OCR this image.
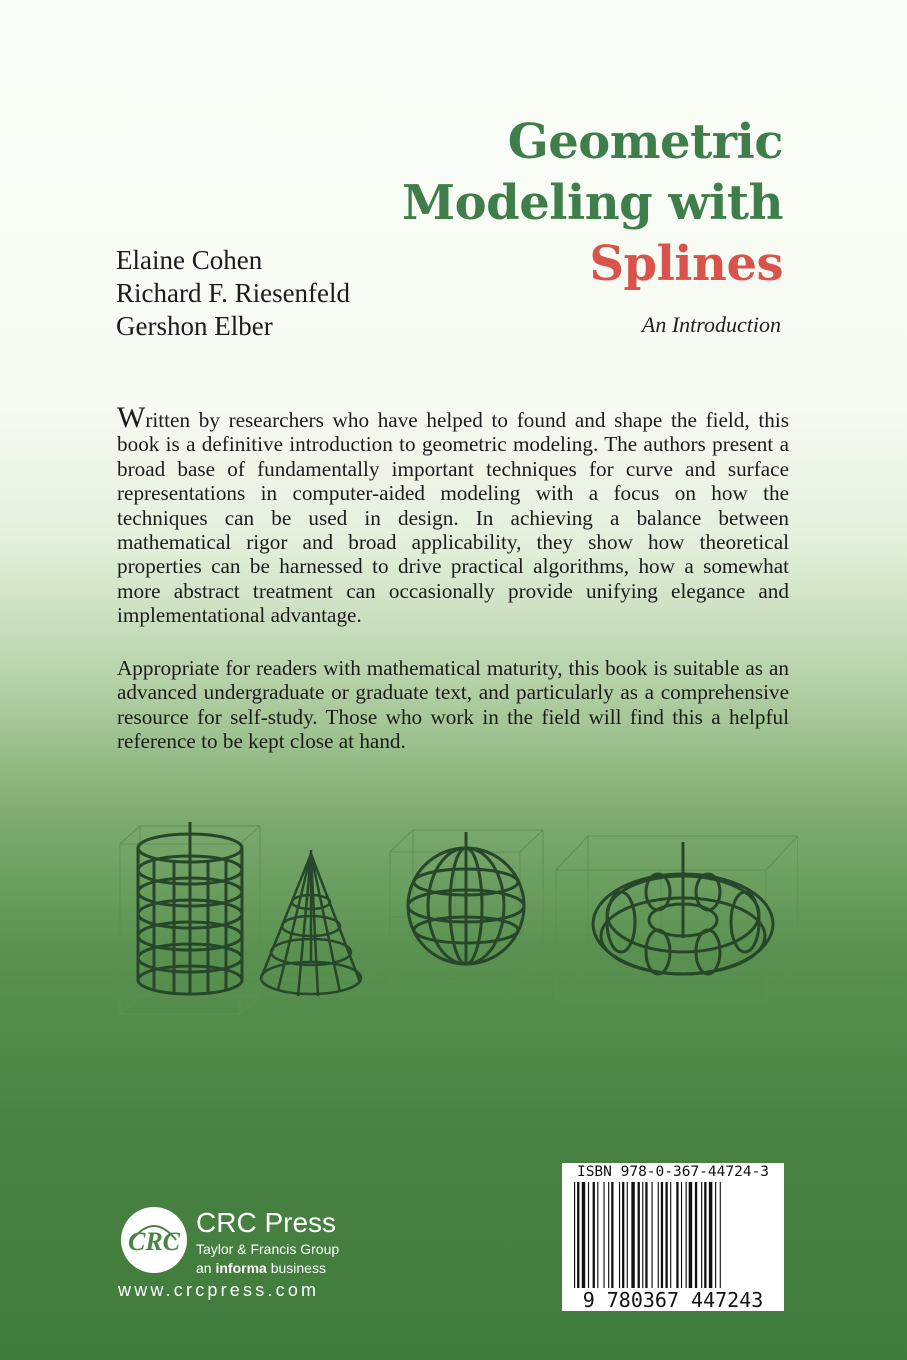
Geometric
Modeling with
Splines
An Introduction
Elaine Cohen
Richard F. Riesenfeld
Gershon Elber

Written by researchers who have helped to found and shape the field, this book is a definitive introduction to geometric modeling. The authors present a broad base of fundamentally important techniques for curve and surface representations in computer-aided modeling with a focus on how the techniques can be used in design. In achieving a balance between mathematical rigor and broad applicability, they show how theoretical properties can be harnessed to drive practical algorithms, how a somewhat more abstract treatment can occasionally provide unifying elegance and implementational advantage.

Appropriate for readers with mathematical maturity, this book is suitable as an advanced undergraduate or graduate text, and particularly as a comprehensive resource for self-study. Those who work in the field will find this a helpful reference to be kept close at hand.

CRC
CRC Press
Taylor & Francis Group
an informa business
www.crcpress.com
ISBN 978-0-367-44724-3
9 780367 447243
